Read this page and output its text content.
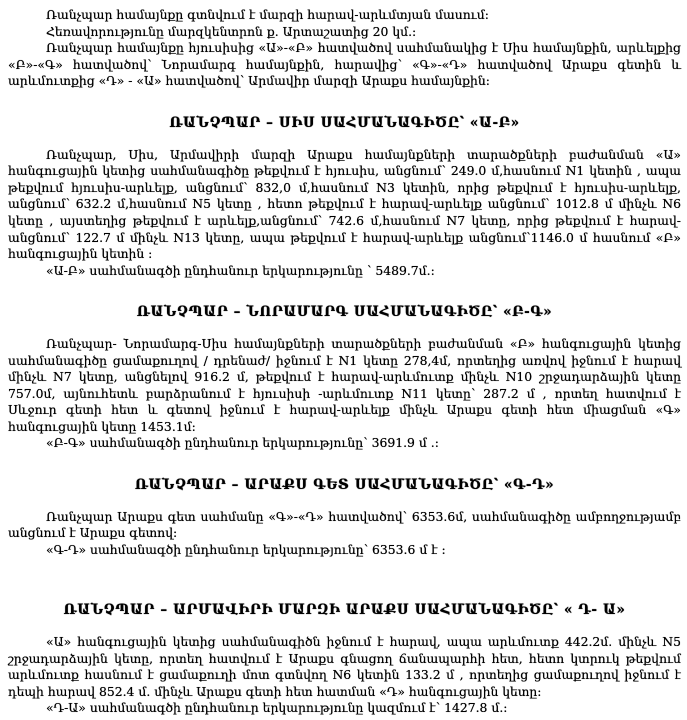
Ռանչպար համայնքը գտնվում է մարզի հարավ-արևմտյան մասում:

Հեռավորությունը մարզկենտրոն ք. Արտաշատից 20 կմ.:

Ռանչպար համայնքը հյուսիսից «Ա»-«Բ» հատվածով սահմանակից է Սիս համայնքին, արևելքից «Բ»-«Գ» հատվածով՝ Նորամարգ համայնքին, հարավից՝ «Գ»-«Դ» հատվածով Արաքս գետին և արևմուտքից «Դ» - «Ա» հատվածով՝ Արմավիր մարզի Արաքս համայնքին:

ՌԱՆՉՊԱՐ – ՍԻՍ ՍԱՀՄԱՆԱԳԻԾԸ՝ «Ա-Բ»

Ռանչպար, Սիս, Արմավիրի մարզի Արաքս համայնքների տարածքների բաժանման «Ա» հանգուցային կետից սահմանագիծը թեքվում է հյուսիս, անցնում՝ 249.0 մ,հասնում N1 կետին , ապա թեքվում հյուսիս-արևելք, անցնում՝ 832,0 մ,հասնում N3 կետին, որից թեքվում է հյուսիս-արևելք, անցնում՝ 632.2 մ,հասնում N5 կետը , հետո թեքվում է հարավ-արևելք անցնում՝ 1012.8 մ մինչև N6 կետը , այստեղից թեքվում է արևելք,անցնում՝ 742.6 մ,հասնում N7 կետը, որից թեքվում է հարավ- անցնում՝ 122.7 մ մինչև N13 կետը, ապա թեքվում է հարավ-արևելք անցնում՝1146.0 մ հասնում «Բ» հանգուցային կետին :

«Ա-Բ» սահմանագծի ընդհանուր երկարությունը ՝ 5489.7մ.:

ՌԱՆՉՊԱՐ – ՆՈՐԱՄԱՐԳ ՍԱՀՄԱՆԱԳԻԾԸ՝ «Բ-Գ»

Ռանչպար- Նորամարգ-Սիս համայնքների տարածքների բաժանման «Բ» հանգուցային կետից սահմանագիծը ցամաքուղով / դրենաժ/ իջնում է N1 կետը 278,4մ, որտեղից առվով իջնում է հարավ մինչև N7 կետը, անցնելով 916.2 մ, թեքվում է հարավ-արևմուտք մինչև N10 շրջադարձային կետը 757.0մ, այնուհետև բարձրանում է հյուսիսի -արևմուտք N11 կետը՝ 287.2 մ , որտեղ հատվում է Սևջուր գետի հետ և գետով իջնում է հարավ-արևելք մինչև Արաքս գետի հետ միացման «Գ» հանգուցային կետը 1453.1մ:

«Բ-Գ» սահմանագծի ընդհանուր երկարությունը՝ 3691.9 մ .:

ՌԱՆՉՊԱՐ – ԱՐԱՔՍ ԳԵՏ ՍԱՀՄԱՆԱԳԻԾԸ՝ «Գ-Դ»

Ռանչպար Արաքս գետ սահմանը «Գ»-«Դ» հատվածով՝ 6353.6մ, սահմանագիծը ամբողջությամբ անցնում է Արաքս գետով:

«Գ-Դ» սահմանագծի ընդհանուր երկարությունը՝ 6353.6 մ է :

ՌԱՆՉՊԱՐ – ԱՐՄԱՎԻՐԻ ՄԱՐԶԻ ԱՐԱՔՍ ՍԱՀՄԱՆԱԳԻԾԸ՝ « Դ- Ա»

«Ա» հանգուցային կետից սահմանագիծն իջնում է հարավ, ապա արևմուտք 442.2մ. մինչև N5 շրջադարձային կետը, որտեղ հատվում է Արաքս գնացող ճանապարհի հետ, հետո կտրուկ թեքվում արևմուտք հասնում է ցամաքուղի մոտ գտնվող N6 կետին 133.2 մ , որտեղից ցամաքուղով իջնում է դեպի հարավ 852.4 մ. մինչև Արաքս գետի հետ հատման «Դ» հանգուցային կետը:

«Դ-Ա» սահմանագծի ընդհանուր երկարությունը կազմում է՝ 1427.8 մ.:
